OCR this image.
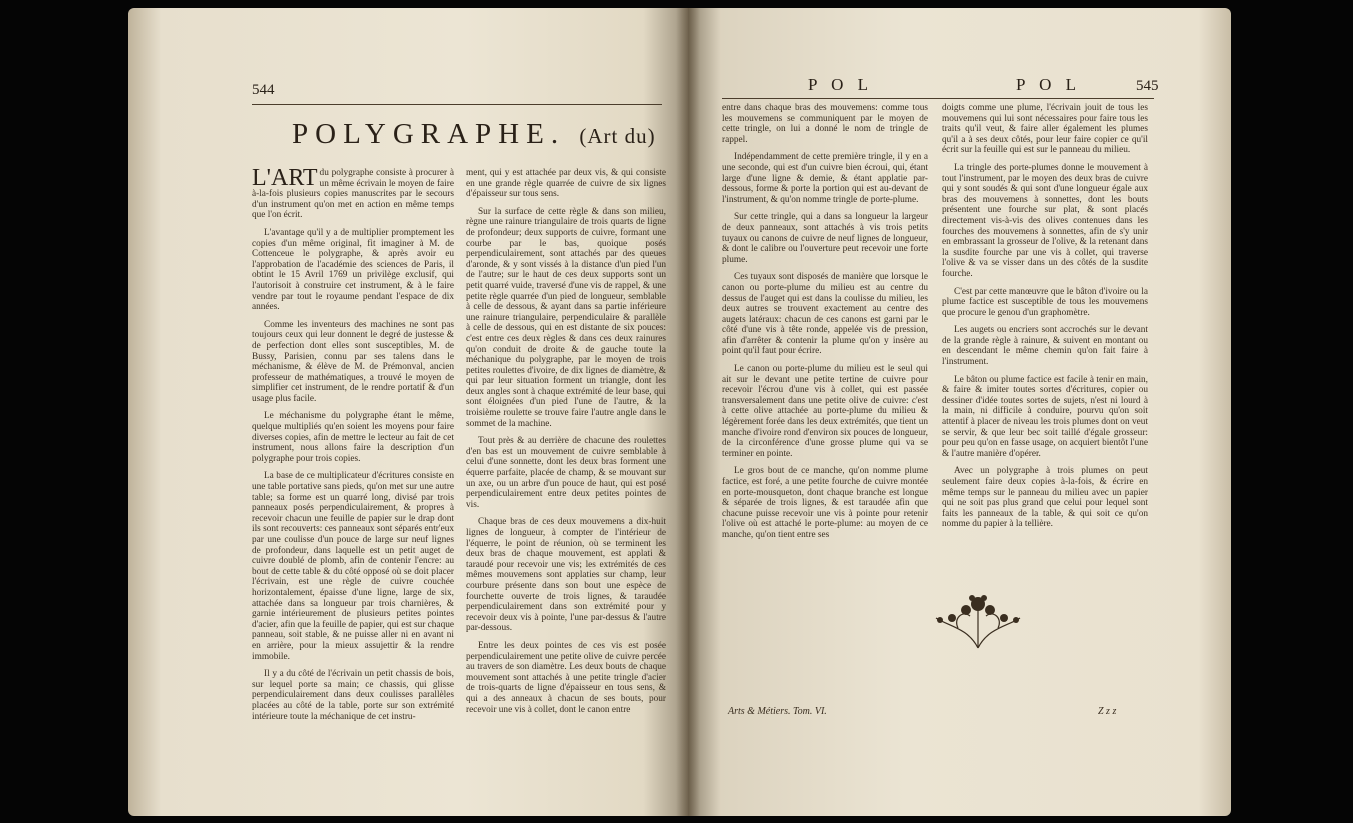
544
POLYGRAPHE. (Art du)

L'ART du polygraphe consiste à procurer à un même écrivain le moyen de faire à-la-fois plusieurs copies manuscrites par le secours d'un instrument qu'on met en action en même temps que l'on écrit.

L'avantage qu'il y a de multiplier promptement les copies d'un même original, fit imaginer à M. de Cottenceue le polygraphe, & après avoir eu l'approbation de l'académie des sciences de Paris, il obtint le 15 Avril 1769 un privilège exclusif, qui l'autorisoit à construire cet instrument, & à le faire vendre par tout le royaume pendant l'espace de dix années.

Comme les inventeurs des machines ne sont pas toujours ceux qui leur donnent le degré de justesse & de perfection dont elles sont susceptibles, M. de Bussy, Parisien, connu par ses talens dans le méchanisme, & élève de M. de Prémonval, ancien professeur de mathématiques, a trouvé le moyen de simplifier cet instrument, de le rendre portatif & d'un usage plus facile.

Le méchanisme du polygraphe étant le même, quelque multipliés qu'en soient les moyens pour faire diverses copies, afin de mettre le lecteur au fait de cet instrument, nous allons faire la description d'un polygraphe pour trois copies.

La base de ce multiplicateur d'écritures consiste en une table portative sans pieds, qu'on met sur une autre table; sa forme est un quarré long, divisé par trois panneaux posés perpendiculairement, & propres à recevoir chacun une feuille de papier sur le drap dont ils sont recouverts: ces panneaux sont séparés entr'eux par une coulisse d'un pouce de large sur neuf lignes de profondeur, dans laquelle est un petit auget de cuivre doublé de plomb, afin de contenir l'encre: au bout de cette table & du côté opposé où se doit placer l'écrivain, est une règle de cuivre couchée horizontalement, épaisse d'une ligne, large de six, attachée dans sa longueur par trois charnières, & garnie intérieurement de plusieurs petites pointes d'acier, afin que la feuille de papier, qui est sur chaque panneau, soit stable, & ne puisse aller ni en avant ni en arrière, pour la mieux assujettir & la rendre immobile.

Il y a du côté de l'écrivain un petit chassis de bois, sur lequel porte sa main; ce chassis, qui glisse perpendiculairement dans deux coulisses parallèles placées au côté de la table, porte sur son extrémité intérieure toute la méchanique de cet instru-

ment, qui y est attachée par deux vis, & qui consiste en une grande règle quarrée de cuivre de six lignes d'épaisseur sur tous sens.

Sur la surface de cette règle & dans son milieu, règne une rainure triangulaire de trois quarts de ligne de profondeur; deux supports de cuivre, formant une courbe par le bas, quoique posés perpendiculairement, sont attachés par des queues d'aronde, & y sont vissés à la distance d'un pied l'un de l'autre; sur le haut de ces deux supports sont un petit quarré vuide, traversé d'une vis de rappel, & une petite règle quarrée d'un pied de longueur, semblable à celle de dessous, & ayant dans sa partie inférieure une rainure triangulaire, perpendiculaire & parallèle à celle de dessous, qui en est distante de six pouces: c'est entre ces deux règles & dans ces deux rainures qu'on conduit de droite & de gauche toute la méchanique du polygraphe, par le moyen de trois petites roulettes d'ivoire, de dix lignes de diamètre, & qui par leur situation forment un triangle, dont les deux angles sont à chaque extrémité de leur base, qui sont éloignées d'un pied l'une de l'autre, & la troisième roulette se trouve faire l'autre angle dans le sommet de la machine.

Tout près & au derrière de chacune des roulettes d'en bas est un mouvement de cuivre semblable à celui d'une sonnette, dont les deux bras forment une équerre parfaite, placée de champ, & se mouvant sur un axe, ou un arbre d'un pouce de haut, qui est posé perpendiculairement entre deux petites pointes de vis.

Chaque bras de ces deux mouvemens a dix-huit lignes de longueur, à compter de l'intérieur de l'équerre, le point de réunion, où se terminent les deux bras de chaque mouvement, est applati & taraudé pour recevoir une vis; les extrémités de ces mêmes mouvemens sont applaties sur champ, leur courbure présente dans son bout une espèce de fourchette ouverte de trois lignes, & taraudée perpendiculairement dans son extrémité pour y recevoir deux vis à pointe, l'une par-dessus & l'autre par-dessous.

Entre les deux pointes de ces vis est posée perpendiculairement une petite olive de cuivre percée au travers de son diamètre. Les deux bouts de chaque mouvement sont attachés à une petite tringle d'acier de trois-quarts de ligne d'épaisseur en tous sens, & qui a des anneaux à chacun de ses bouts, pour recevoir une vis à collet, dont le canon entre

P O L	P O L	545

entre dans chaque bras des mouvemens: comme tous les mouvemens se communiquent par le moyen de cette tringle, on lui a donné le nom de tringle de rappel.

Indépendamment de cette première tringle, il y en a une seconde, qui est d'un cuivre bien écroui, qui, étant large d'une ligne & demie, & étant applatie par-dessous, forme & porte la portion qui est au-devant de l'instrument, & qu'on nomme tringle de porte-plume.

Sur cette tringle, qui a dans sa longueur la largeur de deux panneaux, sont attachés à vis trois petits tuyaux ou canons de cuivre de neuf lignes de longueur, & dont le calibre ou l'ouverture peut recevoir une forte plume.

Ces tuyaux sont disposés de manière que lorsque le canon ou porte-plume du milieu est au centre du dessus de l'auget qui est dans la coulisse du milieu, les deux autres se trouvent exactement au centre des augets latéraux: chacun de ces canons est garni par le côté d'une vis à tête ronde, appelée vis de pression, afin d'arrêter & contenir la plume qu'on y insère au point qu'il faut pour écrire.

Le canon ou porte-plume du milieu est le seul qui ait sur le devant une petite tertine de cuivre pour recevoir l'écrou d'une vis à collet, qui est passée transversalement dans une petite olive de cuivre: c'est à cette olive attachée au porte-plume du milieu & légèrement forée dans les deux extrémités, que tient un manche d'ivoire rond d'environ six pouces de longueur, de la circonférence d'une grosse plume qui va se terminer en pointe.

Le gros bout de ce manche, qu'on nomme plume factice, est foré, a une petite fourche de cuivre montée en porte-mousqueton, dont chaque branche est longue & séparée de trois lignes, & est taraudée afin que chacune puisse recevoir une vis à pointe pour retenir l'olive où est attaché le porte-plume: au moyen de ce manche, qu'on tient entre ses

doigts comme une plume, l'écrivain jouit de tous les mouvemens qui lui sont nécessaires pour faire tous les traits qu'il veut, & faire aller également les plumes qu'il a à ses deux côtés, pour leur faire copier ce qu'il écrit sur la feuille qui est sur le panneau du milieu.

La tringle des porte-plumes donne le mouvement à tout l'instrument, par le moyen des deux bras de cuivre qui y sont soudés & qui sont d'une longueur égale aux bras des mouvemens à sonnettes, dont les bouts présentent une fourche sur plat, & sont placés directement vis-à-vis des olives contenues dans les fourches des mouvemens à sonnettes, afin de s'y unir en embrassant la grosseur de l'olive, & la retenant dans la susdite fourche par une vis à collet, qui traverse l'olive & va se visser dans un des côtés de la susdite fourche.

C'est par cette manœuvre que le bâton d'ivoire ou la plume factice est susceptible de tous les mouvemens que procure le genou d'un graphomètre.

Les augets ou encriers sont accrochés sur le devant de la grande règle à rainure, & suivent en montant ou en descendant le même chemin qu'on fait faire à l'instrument.

Le bâton ou plume factice est facile à tenir en main, & faire & imiter toutes sortes d'écritures, copier ou dessiner d'idée toutes sortes de sujets, n'est ni lourd à la main, ni difficile à conduire, pourvu qu'on soit attentif à placer de niveau les trois plumes dont on veut se servir, & que leur bec soit taillé d'égale grosseur: pour peu qu'on en fasse usage, on acquiert bientôt l'une & l'autre manière d'opérer.

Avec un polygraphe à trois plumes on peut seulement faire deux copies à-la-fois, & écrire en même temps sur le panneau du milieu avec un papier qui ne soit pas plus grand que celui pour lequel sont faits les panneaux de la table, & qui soit ce qu'on nomme du papier à la tellière.

Arts & Métiers. Tom. VI.	Z z z
